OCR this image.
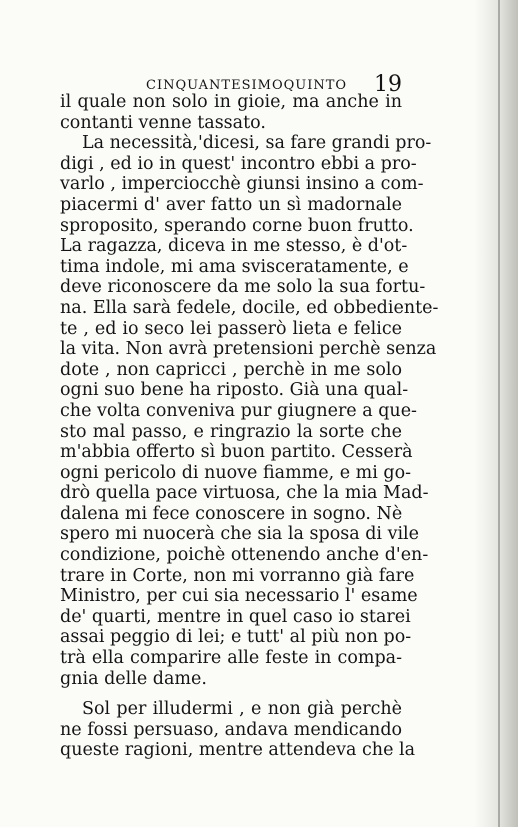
CINQUANTESIMOQUINTO 19
il quale non solo in gioie, ma anche in
contanti venne tassato.
La necessità,'dicesi, sa fare grandi pro-
digi , ed io in quest' incontro ebbi a pro-
varlo , imperciocchè giunsi insino a com-
piacermi d' aver fatto un sì madornale
sproposito, sperando corne buon frutto.
La ragazza, diceva in me stesso, è d'ot-
tima indole, mi ama svisceratamente, e
deve riconoscere da me solo la sua fortu-
na. Ella sarà fedele, docile, ed obbediente-
te , ed io seco lei passerò lieta e felice
la vita. Non avrà pretensioni perchè senza
dote , non capricci , perchè in me solo
ogni suo bene ha riposto. Già una qual-
che volta conveniva pur giugnere a que-
sto mal passo, e ringrazio la sorte che
m'abbia offerto sì buon partito. Cesserà
ogni pericolo di nuove fiamme, e mi go-
drò quella pace virtuosa, che la mia Mad-
dalena mi fece conoscere in sogno. Nè
spero mi nuocerà che sia la sposa di vile
condizione, poichè ottenendo anche d'en-
trare in Corte, non mi vorranno già fare
Ministro, per cui sia necessario l' esame
de' quarti, mentre in quel caso io starei
assai peggio di lei; e tutt' al più non po-
trà ella comparire alle feste in compa-
gnia delle dame.
Sol per illudermi , e non già perchè
ne fossi persuaso, andava mendicando
queste ragioni, mentre attendeva che la
